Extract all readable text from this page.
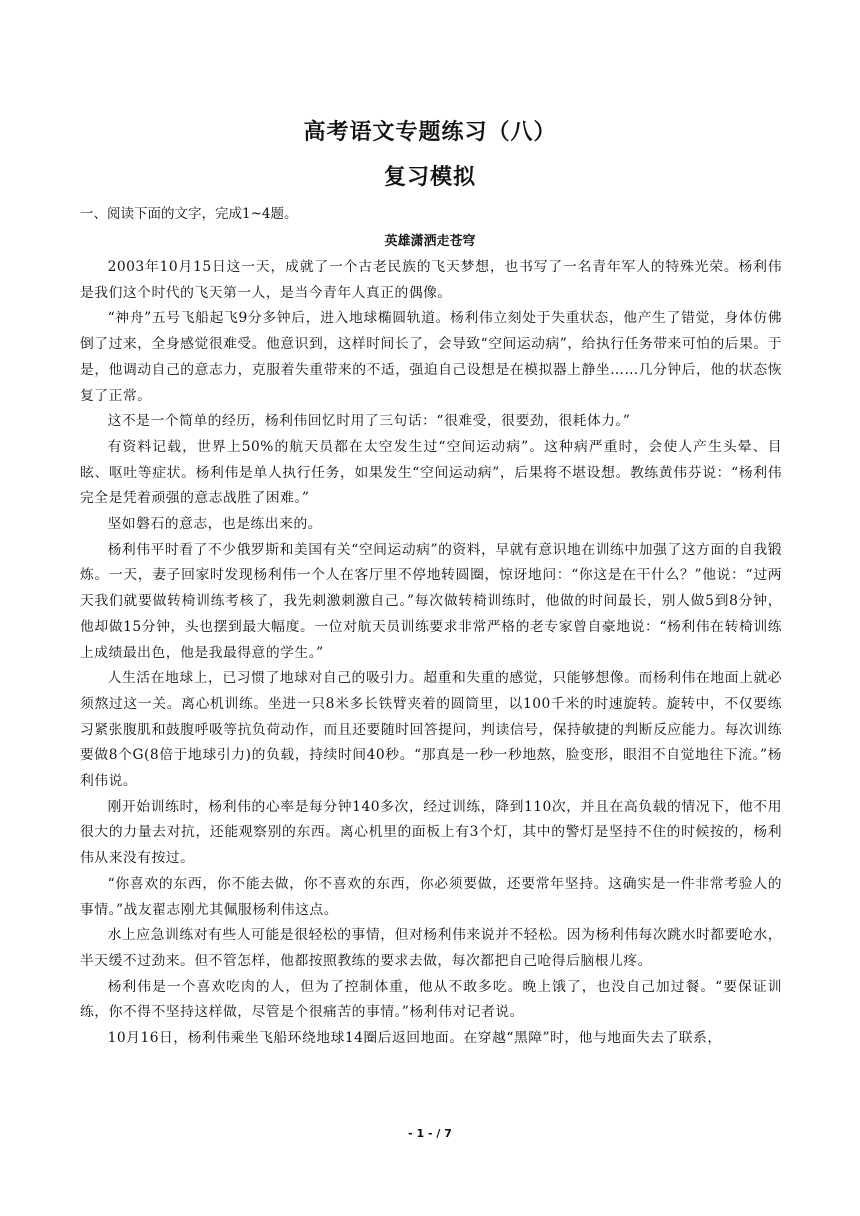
高考语文专题练习（八）
复习模拟

一、阅读下面的文字，完成1~4题。

英雄潇洒走苍穹

2003年10月15日这一天，成就了一个古老民族的飞天梦想，也书写了一名青年军人的特殊光荣。杨利伟是我们这个时代的飞天第一人，是当今青年人真正的偶像。

“神舟”五号飞船起飞9分多钟后，进入地球椭圆轨道。杨利伟立刻处于失重状态，他产生了错觉，身体仿佛倒了过来，全身感觉很难受。他意识到，这样时间长了，会导致“空间运动病”，给执行任务带来可怕的后果。于是，他调动自己的意志力，克服着失重带来的不适，强迫自己设想是在模拟器上静坐……几分钟后，他的状态恢复了正常。

这不是一个简单的经历，杨利伟回忆时用了三句话：“很难受，很要劲，很耗体力。”

有资料记载，世界上50%的航天员都在太空发生过“空间运动病”。这种病严重时，会使人产生头晕、目眩、呕吐等症状。杨利伟是单人执行任务，如果发生“空间运动病”，后果将不堪设想。教练黄伟芬说：“杨利伟完全是凭着顽强的意志战胜了困难。”

坚如磐石的意志，也是练出来的。

杨利伟平时看了不少俄罗斯和美国有关“空间运动病”的资料，早就有意识地在训练中加强了这方面的自我锻炼。一天，妻子回家时发现杨利伟一个人在客厅里不停地转圆圈，惊讶地问：“你这是在干什么？”他说：“过两天我们就要做转椅训练考核了，我先刺激刺激自己。”每次做转椅训练时，他做的时间最长，别人做5到8分钟，他却做15分钟，头也摆到最大幅度。一位对航天员训练要求非常严格的老专家曾自豪地说：“杨利伟在转椅训练上成绩最出色，他是我最得意的学生。”

人生活在地球上，已习惯了地球对自己的吸引力。超重和失重的感觉，只能够想像。而杨利伟在地面上就必须熬过这一关。离心机训练。坐进一只8米多长铁臂夹着的圆筒里，以100千米的时速旋转。旋转中，不仅要练习紧张腹肌和鼓腹呼吸等抗负荷动作，而且还要随时回答提问，判读信号，保持敏捷的判断反应能力。每次训练要做8个G(8倍于地球引力)的负载，持续时间40秒。“那真是一秒一秒地熬，脸变形，眼泪不自觉地往下流。”杨利伟说。

刚开始训练时，杨利伟的心率是每分钟140多次，经过训练，降到110次，并且在高负载的情况下，他不用很大的力量去对抗，还能观察别的东西。离心机里的面板上有3个灯，其中的警灯是坚持不住的时候按的，杨利伟从来没有按过。

“你喜欢的东西，你不能去做，你不喜欢的东西，你必须要做，还要常年坚持。这确实是一件非常考验人的事情。”战友翟志刚尤其佩服杨利伟这点。

水上应急训练对有些人可能是很轻松的事情，但对杨利伟来说并不轻松。因为杨利伟每次跳水时都要呛水，半天缓不过劲来。但不管怎样，他都按照教练的要求去做，每次都把自己呛得后脑根儿疼。

杨利伟是一个喜欢吃肉的人，但为了控制体重，他从不敢多吃。晚上饿了，也没自己加过餐。“要保证训练，你不得不坚持这样做，尽管是个很痛苦的事情。”杨利伟对记者说。

10月16日，杨利伟乘坐飞船环绕地球14圈后返回地面。在穿越“黑障”时，他与地面失去了联系，

- 1 - / 7
